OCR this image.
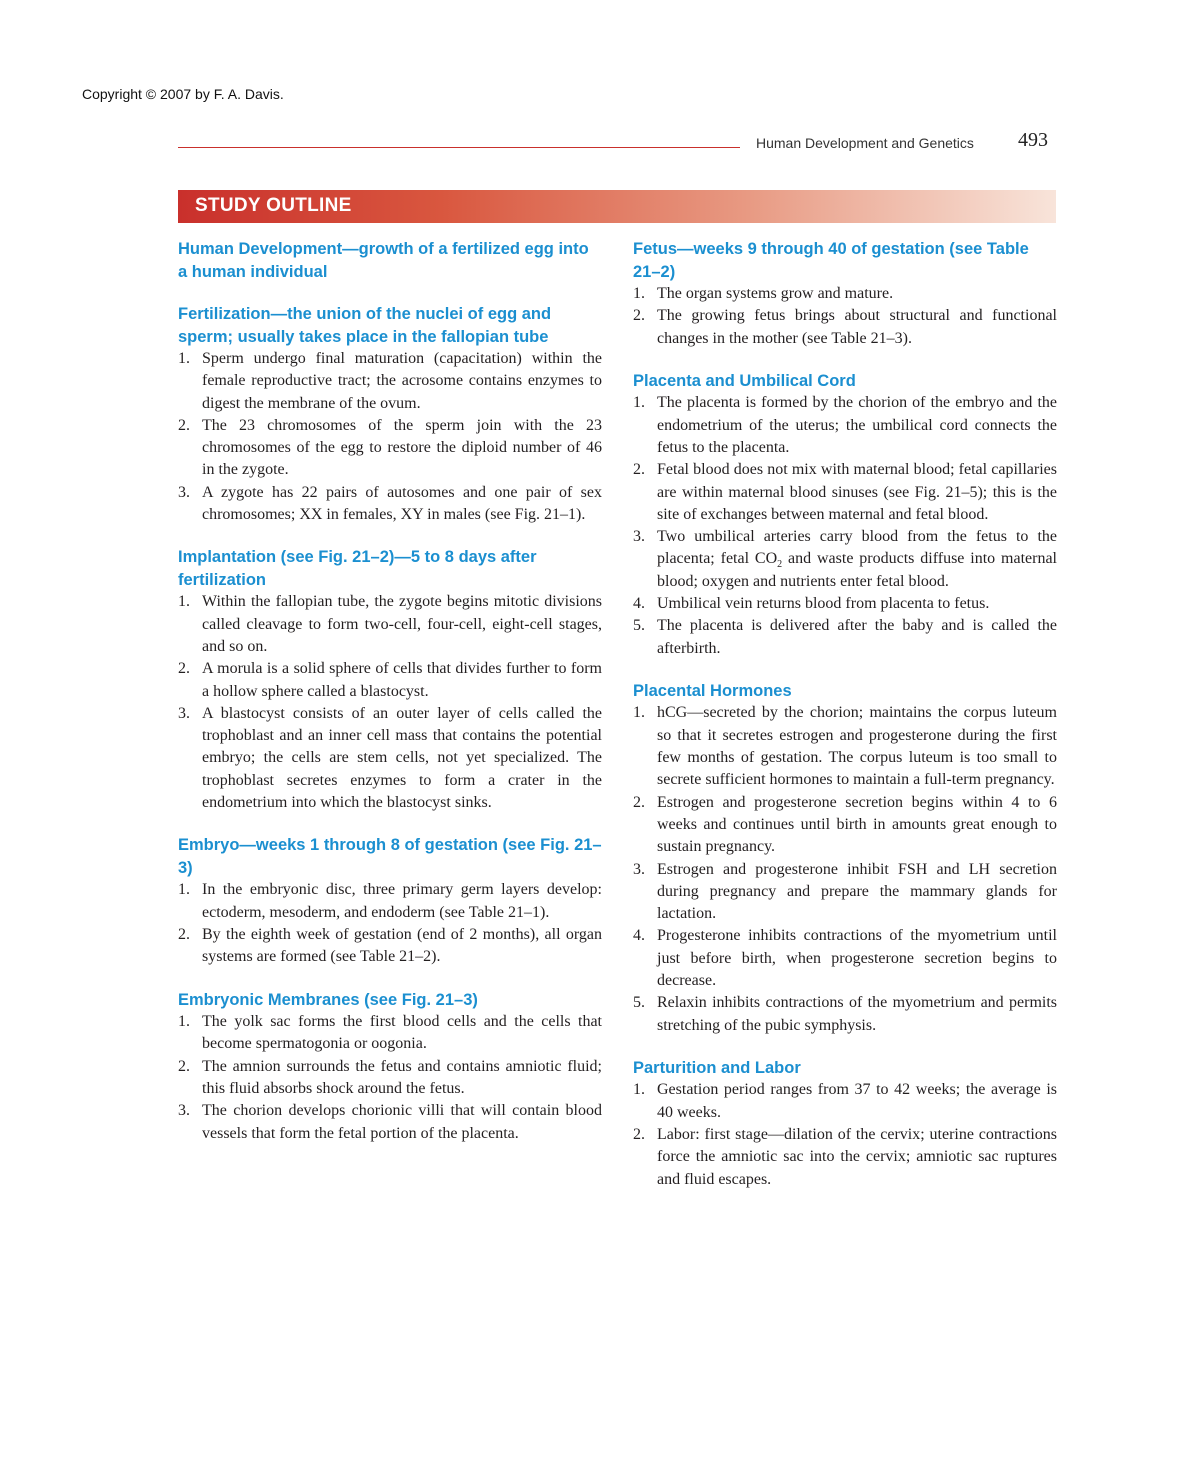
Copyright © 2007 by F. A. Davis.
Human Development and Genetics 493
STUDY OUTLINE
Human Development—growth of a fertilized egg into a human individual
Fertilization—the union of the nuclei of egg and sperm; usually takes place in the fallopian tube
1. Sperm undergo final maturation (capacitation) within the female reproductive tract; the acrosome contains enzymes to digest the membrane of the ovum.
2. The 23 chromosomes of the sperm join with the 23 chromosomes of the egg to restore the diploid number of 46 in the zygote.
3. A zygote has 22 pairs of autosomes and one pair of sex chromosomes; XX in females, XY in males (see Fig. 21–1).
Implantation (see Fig. 21–2)—5 to 8 days after fertilization
1. Within the fallopian tube, the zygote begins mitotic divisions called cleavage to form two-cell, four-cell, eight-cell stages, and so on.
2. A morula is a solid sphere of cells that divides further to form a hollow sphere called a blastocyst.
3. A blastocyst consists of an outer layer of cells called the trophoblast and an inner cell mass that contains the potential embryo; the cells are stem cells, not yet specialized. The trophoblast secretes enzymes to form a crater in the endometrium into which the blastocyst sinks.
Embryo—weeks 1 through 8 of gestation (see Fig. 21–3)
1. In the embryonic disc, three primary germ layers develop: ectoderm, mesoderm, and endoderm (see Table 21–1).
2. By the eighth week of gestation (end of 2 months), all organ systems are formed (see Table 21–2).
Embryonic Membranes (see Fig. 21–3)
1. The yolk sac forms the first blood cells and the cells that become spermatogonia or oogonia.
2. The amnion surrounds the fetus and contains amniotic fluid; this fluid absorbs shock around the fetus.
3. The chorion develops chorionic villi that will contain blood vessels that form the fetal portion of the placenta.
Fetus—weeks 9 through 40 of gestation (see Table 21–2)
1. The organ systems grow and mature.
2. The growing fetus brings about structural and functional changes in the mother (see Table 21–3).
Placenta and Umbilical Cord
1. The placenta is formed by the chorion of the embryo and the endometrium of the uterus; the umbilical cord connects the fetus to the placenta.
2. Fetal blood does not mix with maternal blood; fetal capillaries are within maternal blood sinuses (see Fig. 21–5); this is the site of exchanges between maternal and fetal blood.
3. Two umbilical arteries carry blood from the fetus to the placenta; fetal $CO_2$ and waste products diffuse into maternal blood; oxygen and nutrients enter fetal blood.
4. Umbilical vein returns blood from placenta to fetus.
5. The placenta is delivered after the baby and is called the afterbirth.
Placental Hormones
1. hCG—secreted by the chorion; maintains the corpus luteum so that it secretes estrogen and progesterone during the first few months of gestation. The corpus luteum is too small to secrete sufficient hormones to maintain a full-term pregnancy.
2. Estrogen and progesterone secretion begins within 4 to 6 weeks and continues until birth in amounts great enough to sustain pregnancy.
3. Estrogen and progesterone inhibit FSH and LH secretion during pregnancy and prepare the mammary glands for lactation.
4. Progesterone inhibits contractions of the myometrium until just before birth, when progesterone secretion begins to decrease.
5. Relaxin inhibits contractions of the myometrium and permits stretching of the pubic symphysis.
Parturition and Labor
1. Gestation period ranges from 37 to 42 weeks; the average is 40 weeks.
2. Labor: first stage—dilation of the cervix; uterine contractions force the amniotic sac into the cervix; amniotic sac ruptures and fluid escapes.
